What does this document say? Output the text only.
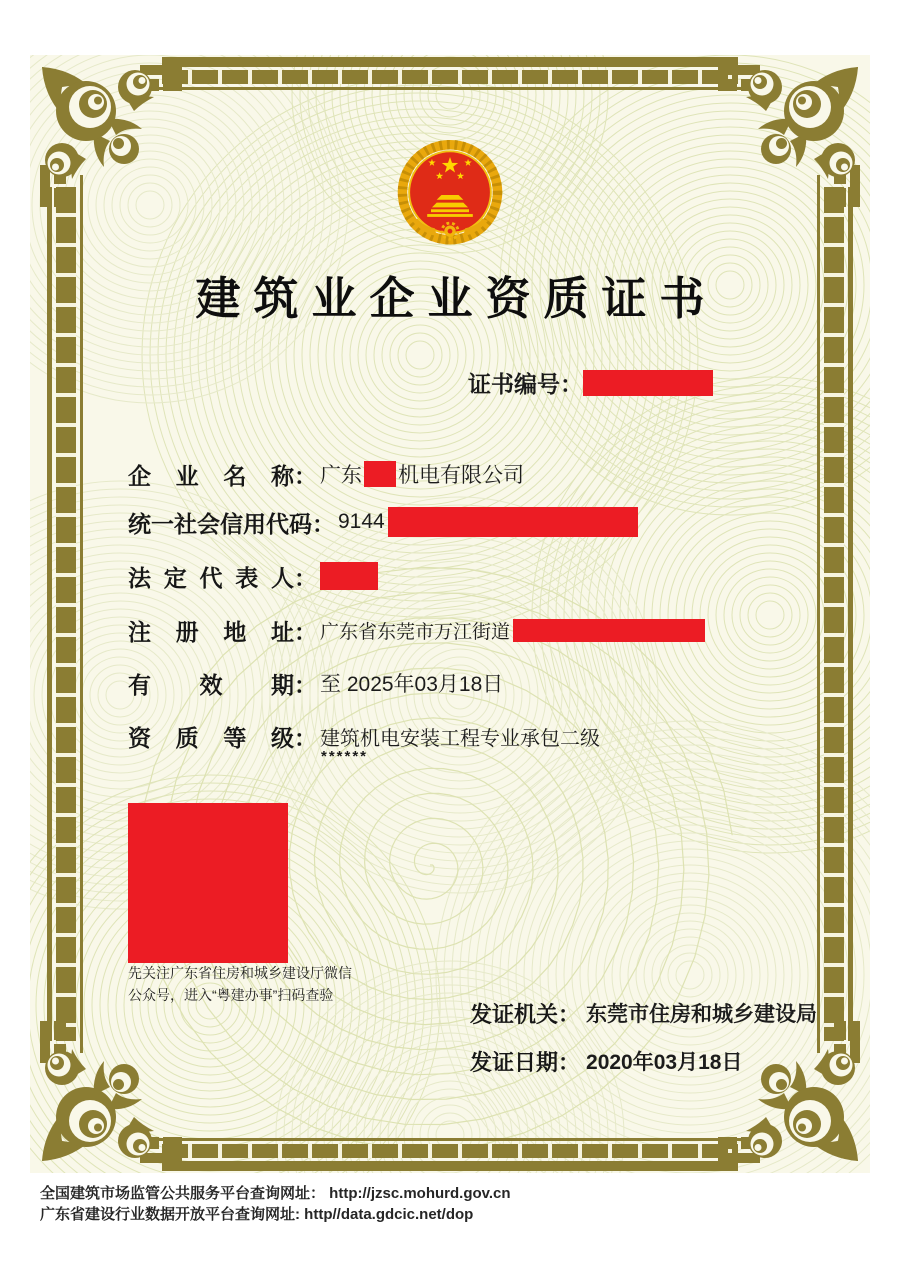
建筑业企业资质证书
证书编号：
企业名称 ： 广东 机电有限公司
统一社会信用代码 ： 9144
法定代表人 ：
注册地址 ： 广东省东莞市万江街道
有效期 ： 至 2025年03月18日
资质等级 ： 建筑机电安装工程专业承包二级
******
先关注广东省住房和城乡建设厅微信
公众号，进入“粤建办事”扫码查验
发证机关： 东莞市住房和城乡建设局
发证日期： 2020年03月18日
全国建筑市场监管公共服务平台查询网址： http://jzsc.mohurd.gov.cn
广东省建设行业数据开放平台查询网址: http//data.gdcic.net/dop
